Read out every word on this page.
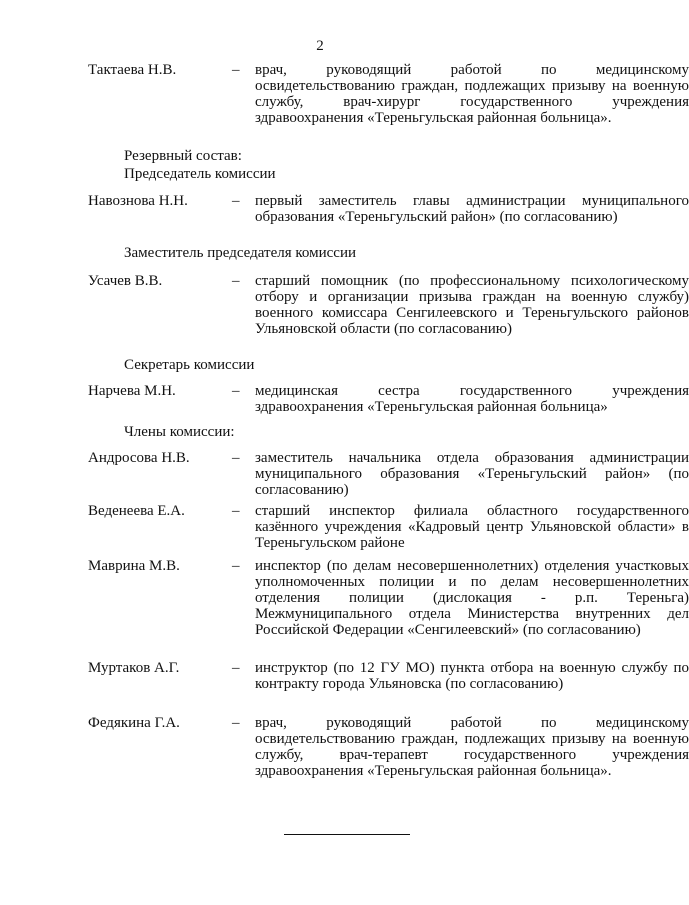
2
Тактаева Н.В.	– врач, руководящий работой по медицинскому освидетельствованию граждан, подлежащих призыву на военную службу, врач-хирург государственного учреждения здравоохранения «Тереньгульская районная больница».
Резервный состав:
Председатель комиссии
Навознова Н.Н.	– первый заместитель главы администрации муниципального образования «Тереньгульский район» (по согласованию)
Заместитель председателя комиссии
Усачев В.В.	– старший помощник (по профессиональному психологическому отбору и организации призыва граждан на военную службу) военного комиссара Сенгилеевского и Тереньгульского районов Ульяновской области (по согласованию)
Секретарь комиссии
Нарчева М.Н.	– медицинская сестра государственного учреждения здравоохранения «Тереньгульская районная больница»
Члены комиссии:
Андросова Н.В.	– заместитель начальника отдела образования администрации муниципального образования «Тереньгульский район» (по согласованию)
Веденеева Е.А.	– старший инспектор филиала областного государственного казённого учреждения «Кадровый центр Ульяновской области» в Тереньгульском районе
Маврина М.В.	– инспектор (по делам несовершеннолетних) отделения участковых уполномоченных полиции и по делам несовершеннолетних отделения полиции (дислокация - р.п. Тереньга) Межмуниципального отдела Министерства внутренних дел Российской Федерации «Сенгилеевский» (по согласованию)
Муртаков А.Г.	– инструктор (по 12 ГУ МО) пункта отбора на военную службу по контракту города Ульяновска (по согласованию)
Федякина Г.А.	– врач, руководящий работой по медицинскому освидетельствованию граждан, подлежащих призыву на военную службу, врач-терапевт государственного учреждения здравоохранения «Тереньгульская районная больница».
